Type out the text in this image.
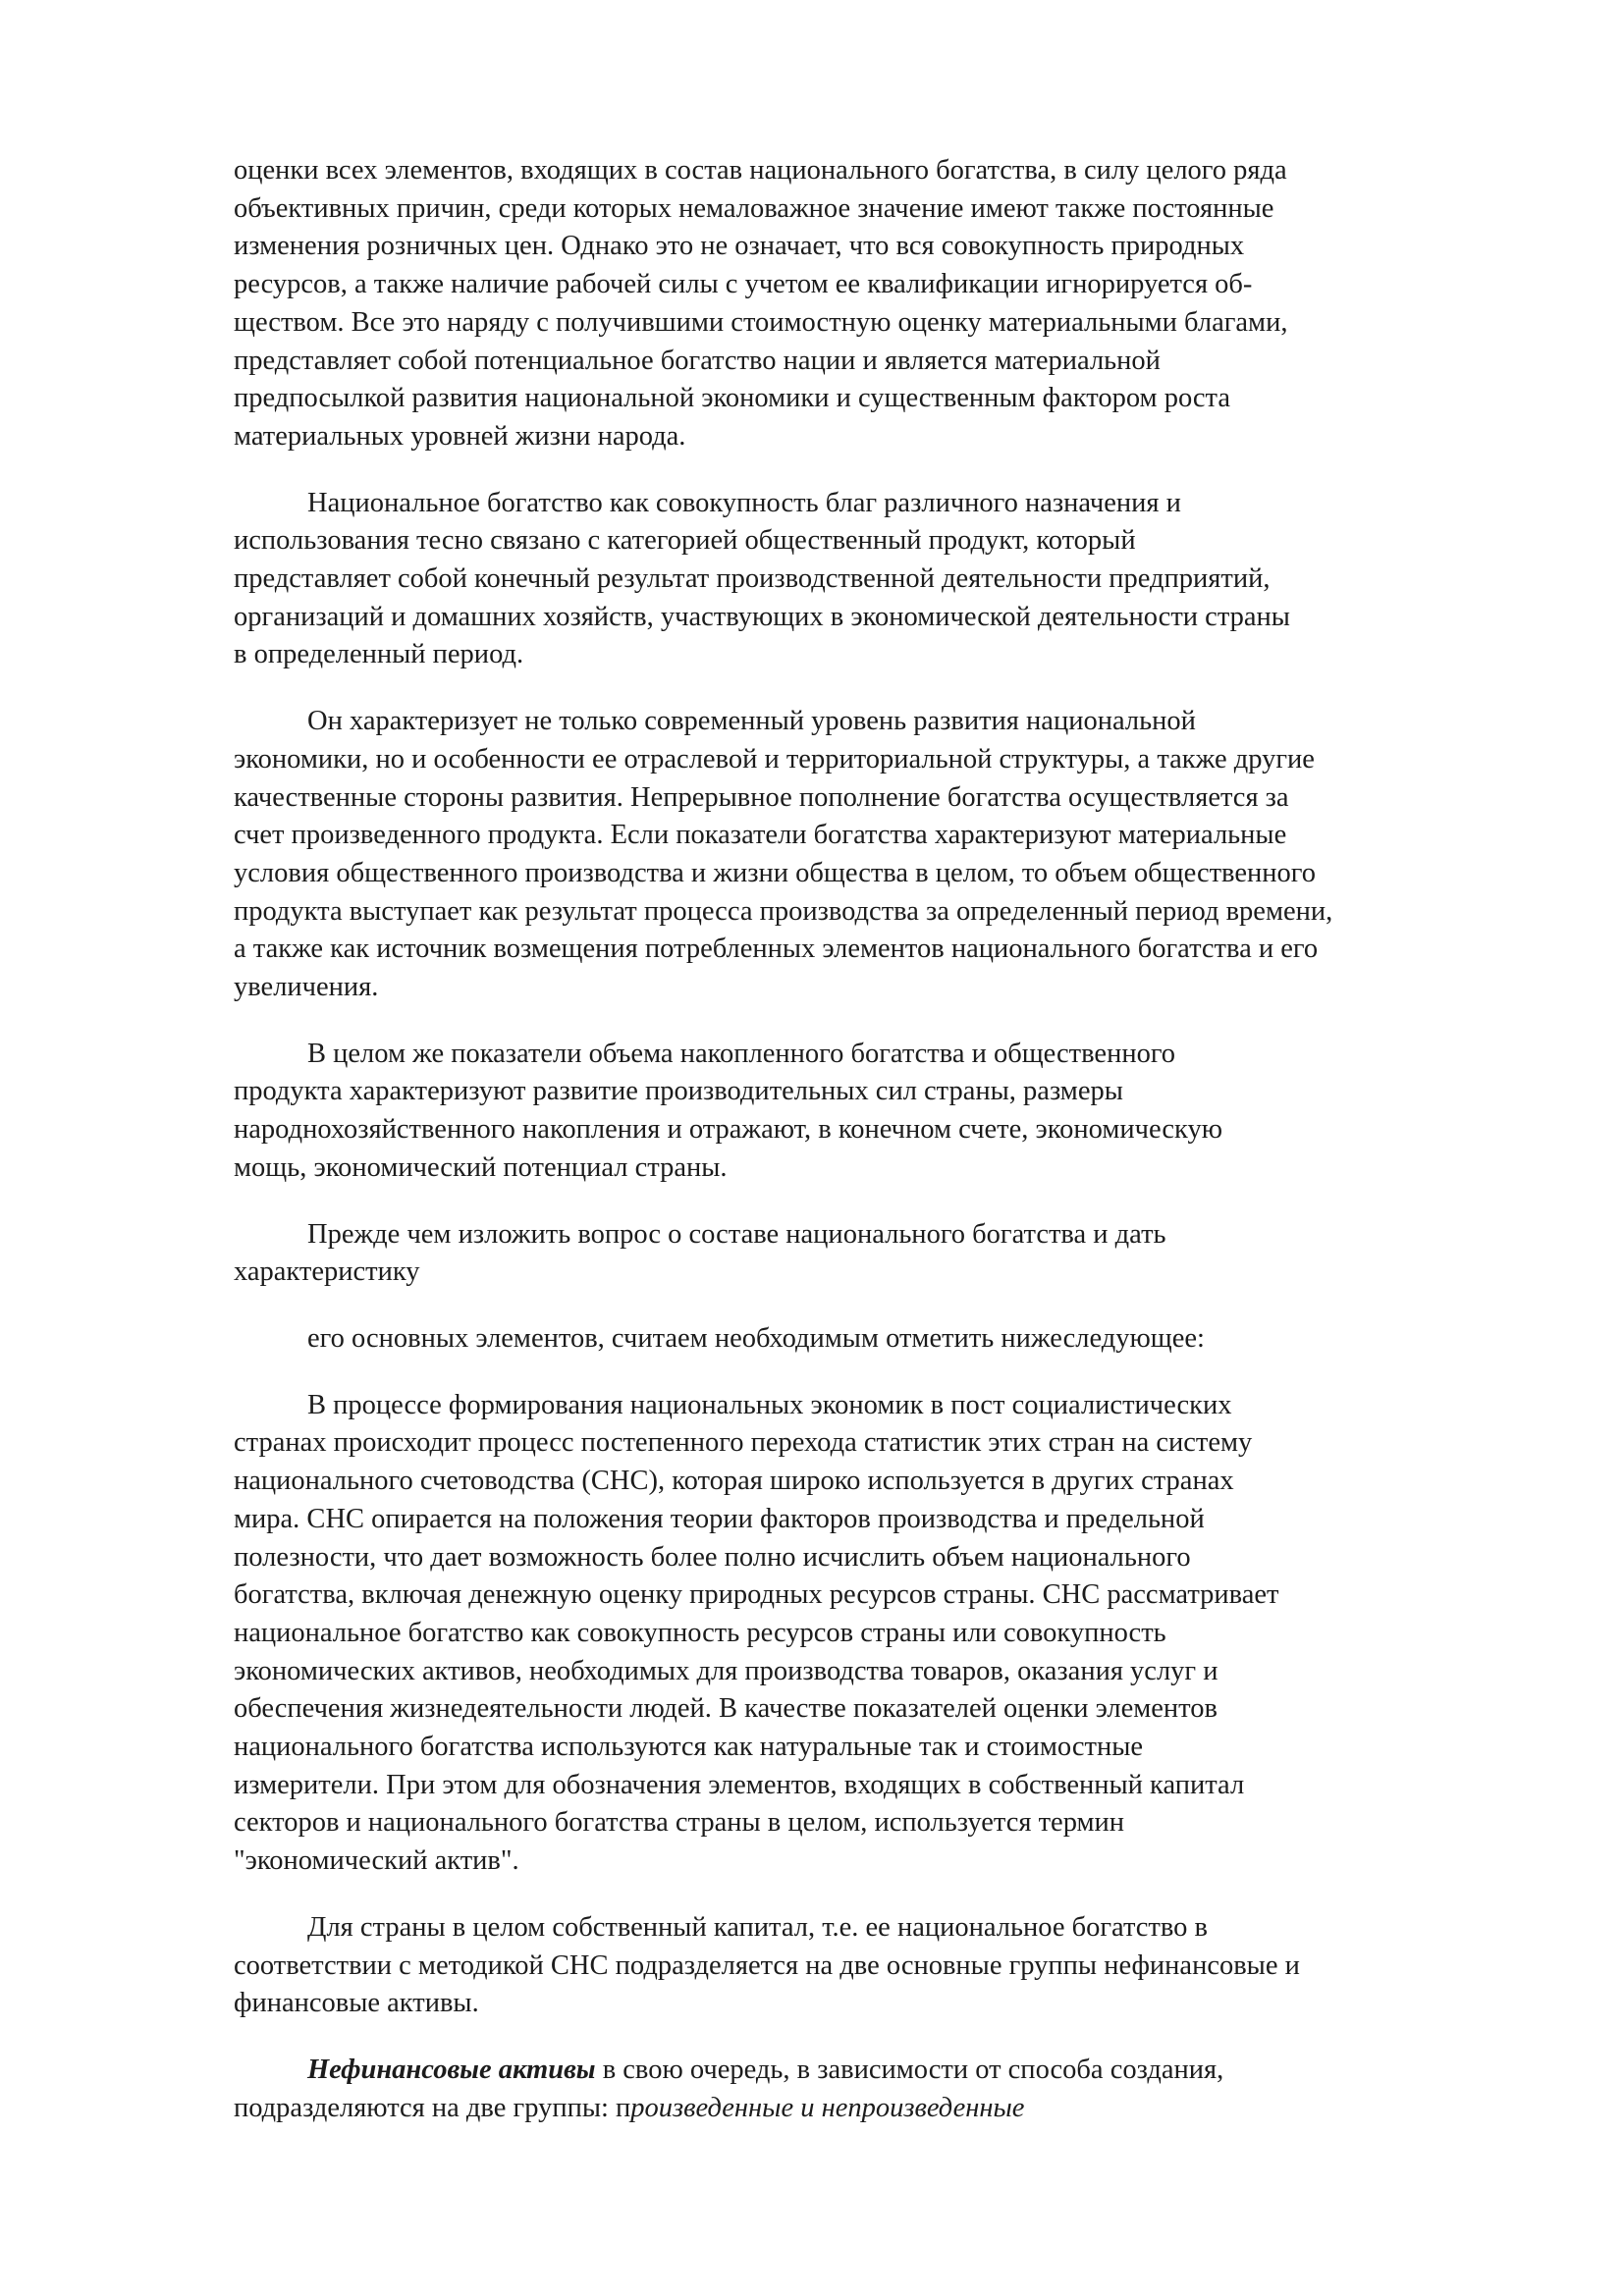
оценки всех элементов, входящих в состав национального богатства, в силу целого ряда
объективных причин, среди которых немаловажное значение имеют также постоянные
изменения розничных цен. Однако это не означает, что вся совокупность природных
ресурсов, а также наличие рабочей силы с учетом ее квалификации игнорируется об-
ществом. Все это наряду с получившими стоимостную оценку материальными благами,
представляет собой потенциальное богатство нации и является материальной
предпосылкой развития национальной экономики и существенным фактором роста
материальных уровней жизни народа.

Национальное богатство как совокупность благ различного назначения и
использования тесно связано с категорией общественный продукт, который
представляет собой конечный результат производственной деятельности предприятий,
организаций и домашних хозяйств, участвующих в экономической деятельности страны
в определенный период.

Он характеризует не только современный уровень развития национальной
экономики, но и особенности ее отраслевой и территориальной структуры, а также другие
качественные стороны развития. Непрерывное пополнение богатства осуществляется за
счет произведенного продукта. Если показатели богатства характеризуют материальные
условия общественного производства и жизни общества в целом, то объем общественного
продукта выступает как результат процесса производства за определенный период времени,
а также как источник возмещения потребленных элементов национального богатства и его
увеличения.

В целом же показатели объема накопленного богатства и общественного
продукта характеризуют развитие производительных сил страны, размеры
народнохозяйственного накопления и отражают, в конечном счете, экономическую
мощь, экономический потенциал страны.

Прежде чем изложить вопрос о составе национального богатства и дать
характеристику

его основных элементов, считаем необходимым отметить нижеследующее:

В процессе формирования национальных экономик в пост социалистических
странах происходит процесс постепенного перехода статистик этих стран на систему
национального счетоводства (СНС), которая широко используется в других странах
мира. СНС опирается на положения теории факторов производства и предельной
полезности, что дает возможность более полно исчислить объем национального
богатства, включая денежную оценку природных ресурсов страны. СНС рассматривает
национальное богатство как совокупность ресурсов страны или совокупность
экономических активов, необходимых для производства товаров, оказания услуг и
обеспечения жизнедеятельности людей. В качестве показателей оценки элементов
национального богатства используются как натуральные так и стоимостные
измерители. При этом для обозначения элементов, входящих в собственный капитал
секторов и национального богатства страны в целом, используется термин
"экономический актив".

Для страны в целом собственный капитал, т.е. ее национальное богатство в
соответствии с методикой СНС подразделяется на две основные группы нефинансовые и
финансовые активы.

Нефинансовые активы в свою очередь, в зависимости от способа создания,
подразделяются на две группы: произведенные и непроизведенные
